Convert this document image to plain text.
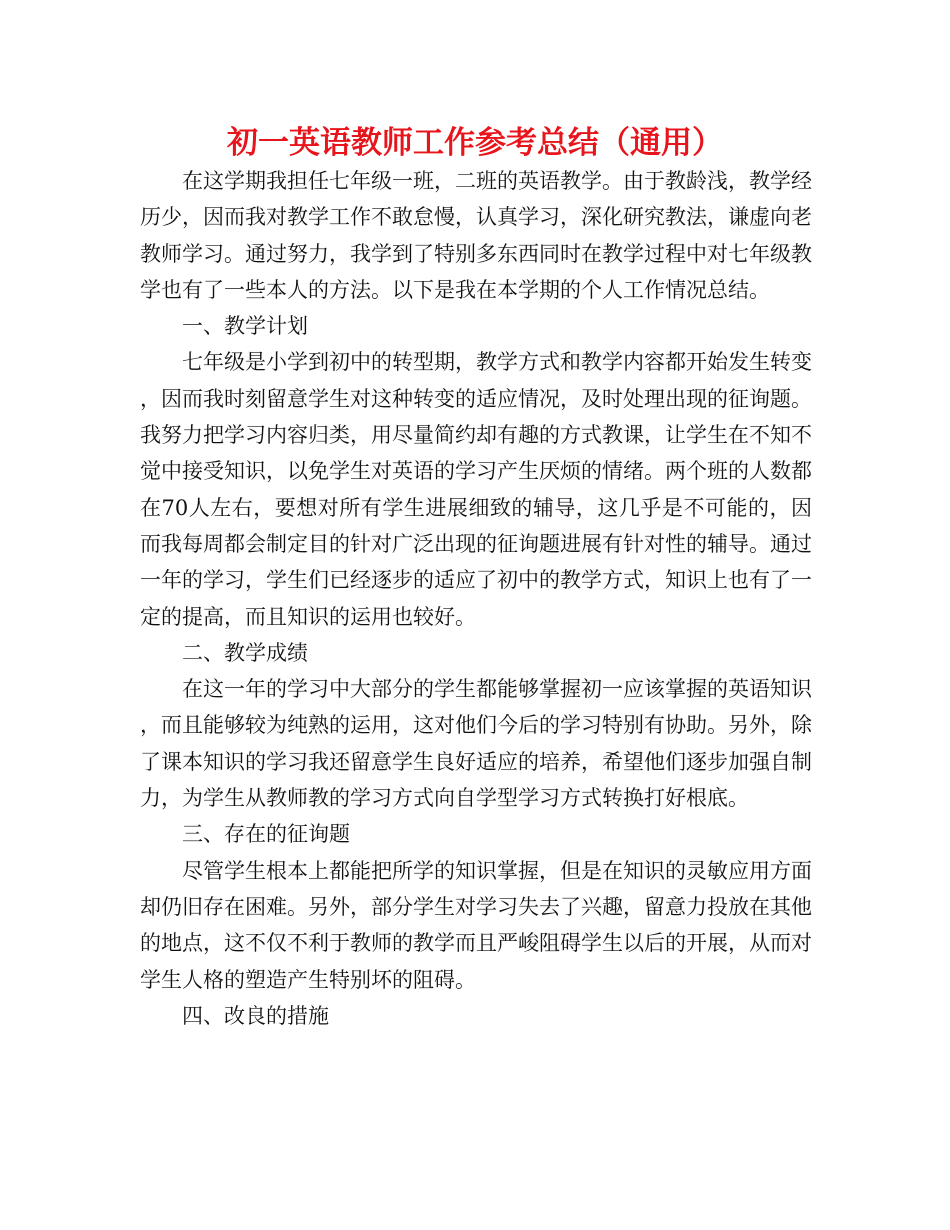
初一英语教师工作参考总结（通用）

在这学期我担任七年级一班，二班的英语教学。由于教龄浅，教学经历少，因而我对教学工作不敢怠慢，认真学习，深化研究教法，谦虚向老教师学习。通过努力，我学到了特别多东西同时在教学过程中对七年级教学也有了一些本人的方法。以下是我在本学期的个人工作情况总结。

一、教学计划

七年级是小学到初中的转型期，教学方式和教学内容都开始发生转变，因而我时刻留意学生对这种转变的适应情况，及时处理出现的征询题。我努力把学习内容归类，用尽量简约却有趣的方式教课，让学生在不知不觉中接受知识，以免学生对英语的学习产生厌烦的情绪。两个班的人数都在70人左右，要想对所有学生进展细致的辅导，这几乎是不可能的，因而我每周都会制定目的针对广泛出现的征询题进展有针对性的辅导。通过一年的学习，学生们已经逐步的适应了初中的教学方式，知识上也有了一定的提高，而且知识的运用也较好。

二、教学成绩

在这一年的学习中大部分的学生都能够掌握初一应该掌握的英语知识，而且能够较为纯熟的运用，这对他们今后的学习特别有协助。另外，除了课本知识的学习我还留意学生良好适应的培养，希望他们逐步加强自制力，为学生从教师教的学习方式向自学型学习方式转换打好根底。

三、存在的征询题

尽管学生根本上都能把所学的知识掌握，但是在知识的灵敏应用方面却仍旧存在困难。另外，部分学生对学习失去了兴趣，留意力投放在其他的地点，这不仅不利于教师的教学而且严峻阻碍学生以后的开展，从而对学生人格的塑造产生特别坏的阻碍。

四、改良的措施
